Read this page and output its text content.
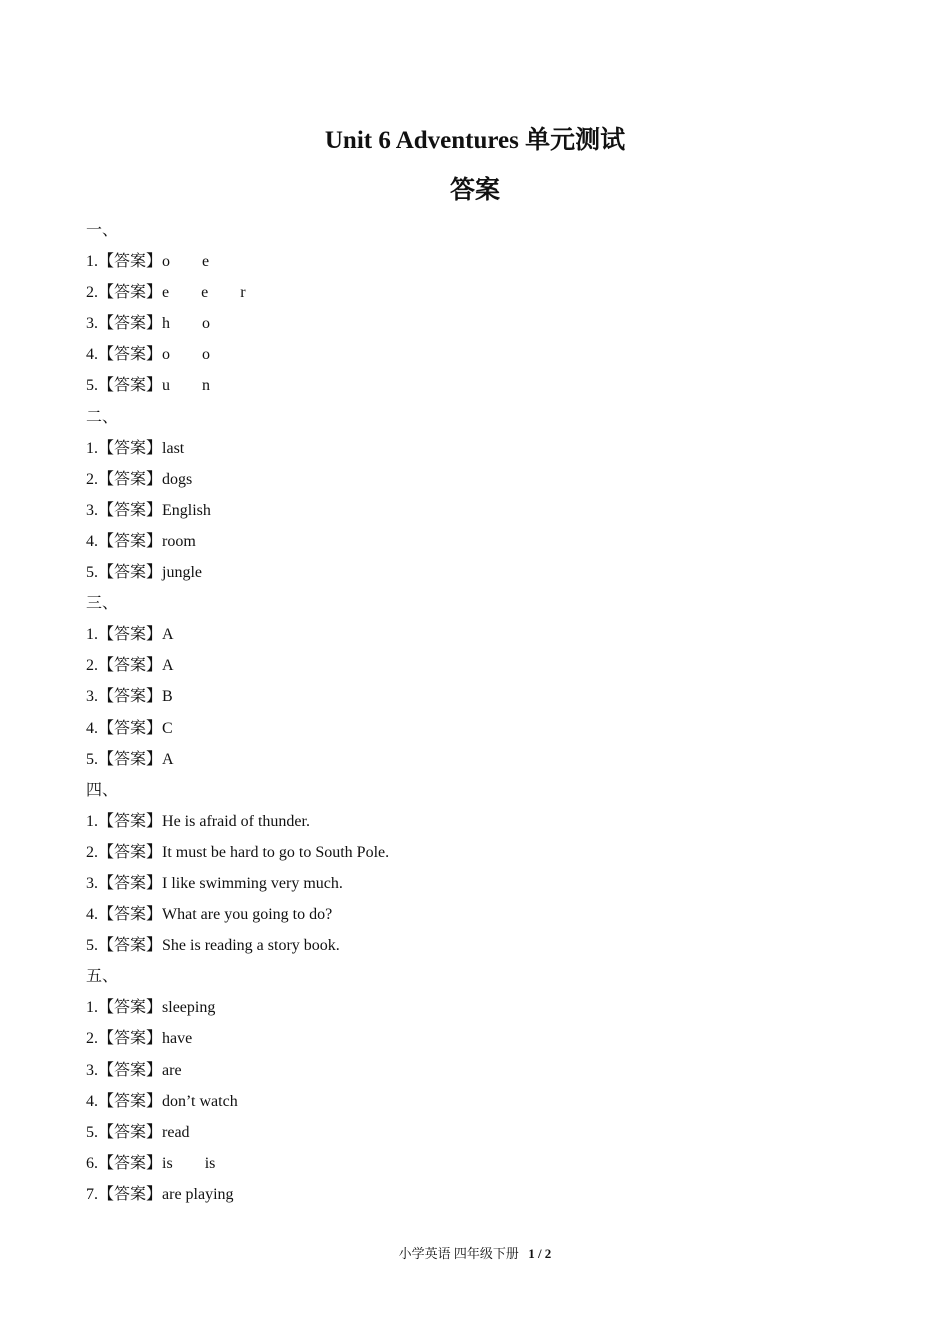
Unit 6 Adventures 单元测试
答案
一、
1.【答案】o e
2.【答案】e e r
3.【答案】h o
4.【答案】o o
5.【答案】u n
二、
1.【答案】last
2.【答案】dogs
3.【答案】English
4.【答案】room
5.【答案】jungle
三、
1.【答案】A
2.【答案】A
3.【答案】B
4.【答案】C
5.【答案】A
四、
1.【答案】He is afraid of thunder.
2.【答案】It must be hard to go to South Pole.
3.【答案】I like swimming very much.
4.【答案】What are you going to do?
5.【答案】She is reading a story book.
五、
1.【答案】sleeping
2.【答案】have
3.【答案】are
4.【答案】don’t watch
5.【答案】read
6.【答案】is is
7.【答案】are playing
小学英语 四年级下册 1 / 2
